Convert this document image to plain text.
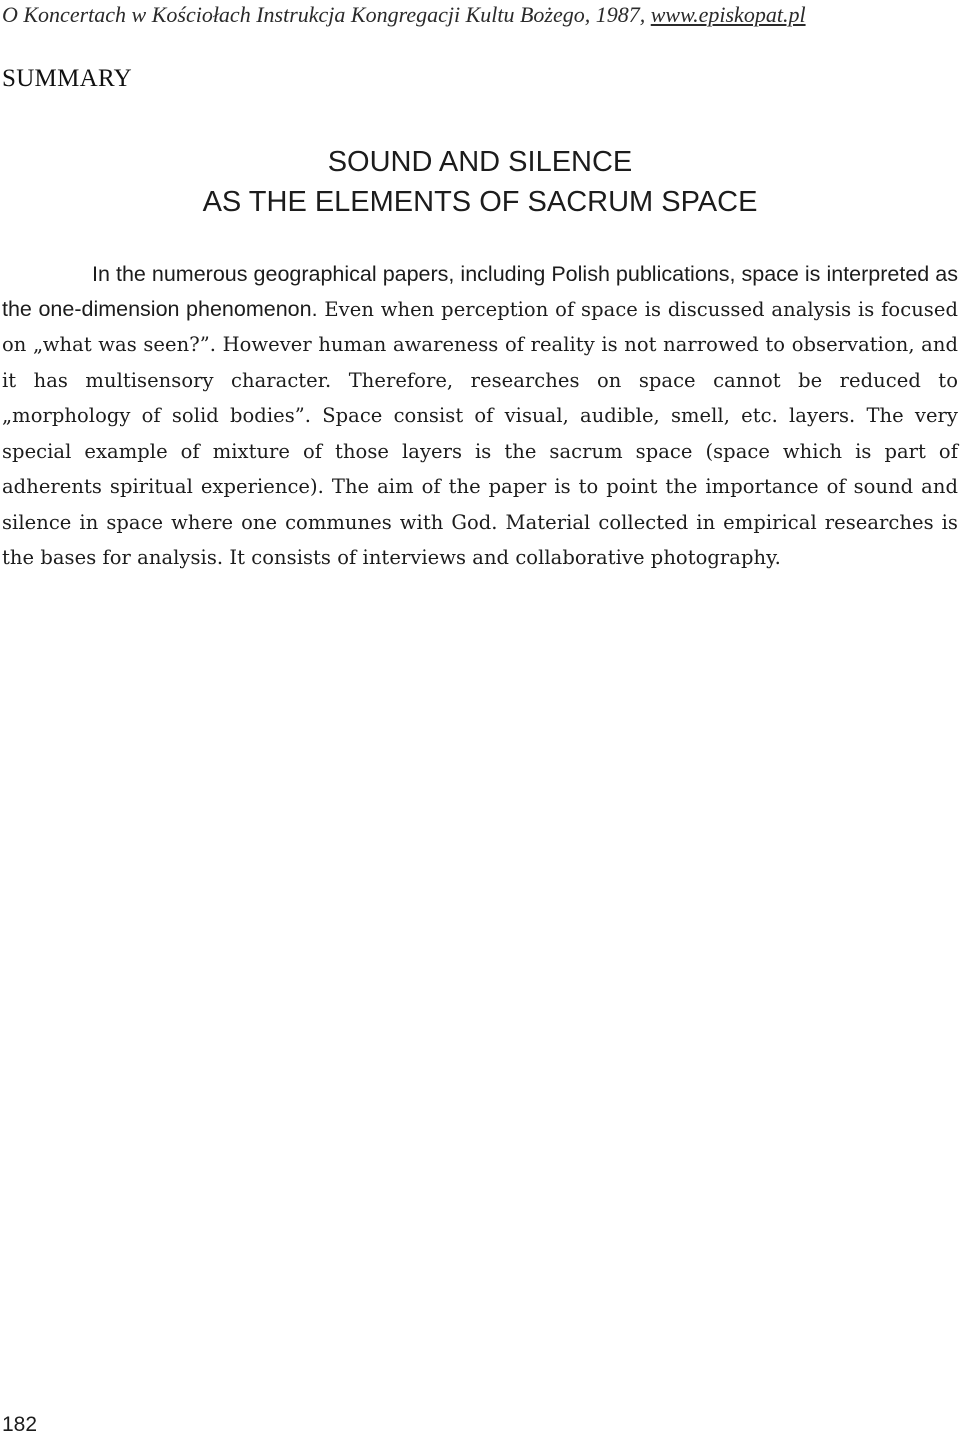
O Koncertach w Kościołach Instrukcja Kongregacji Kultu Bożego, 1987, www.episkopat.pl
SUMMARY
SOUND AND SILENCE
AS THE ELEMENTS OF SACRUM SPACE

In the numerous geographical papers, including Polish publications, space is interpreted as the one-dimension phenomenon. Even when perception of space is discussed analysis is focused on „what was seen?”. However human awareness of reality is not narrowed to observation, and it has multisensory character. Therefore, researches on space cannot be reduced to „morphology of solid bodies”. Space consist of visual, audible, smell, etc. layers. The very special example of mixture of those layers is the sacrum space (space which is part of adherents spiritual experience). The aim of the paper is to point the importance of sound and silence in space where one communes with God. Material collected in empirical researches is the bases for analysis. It consists of interviews and collaborative photography.

182
